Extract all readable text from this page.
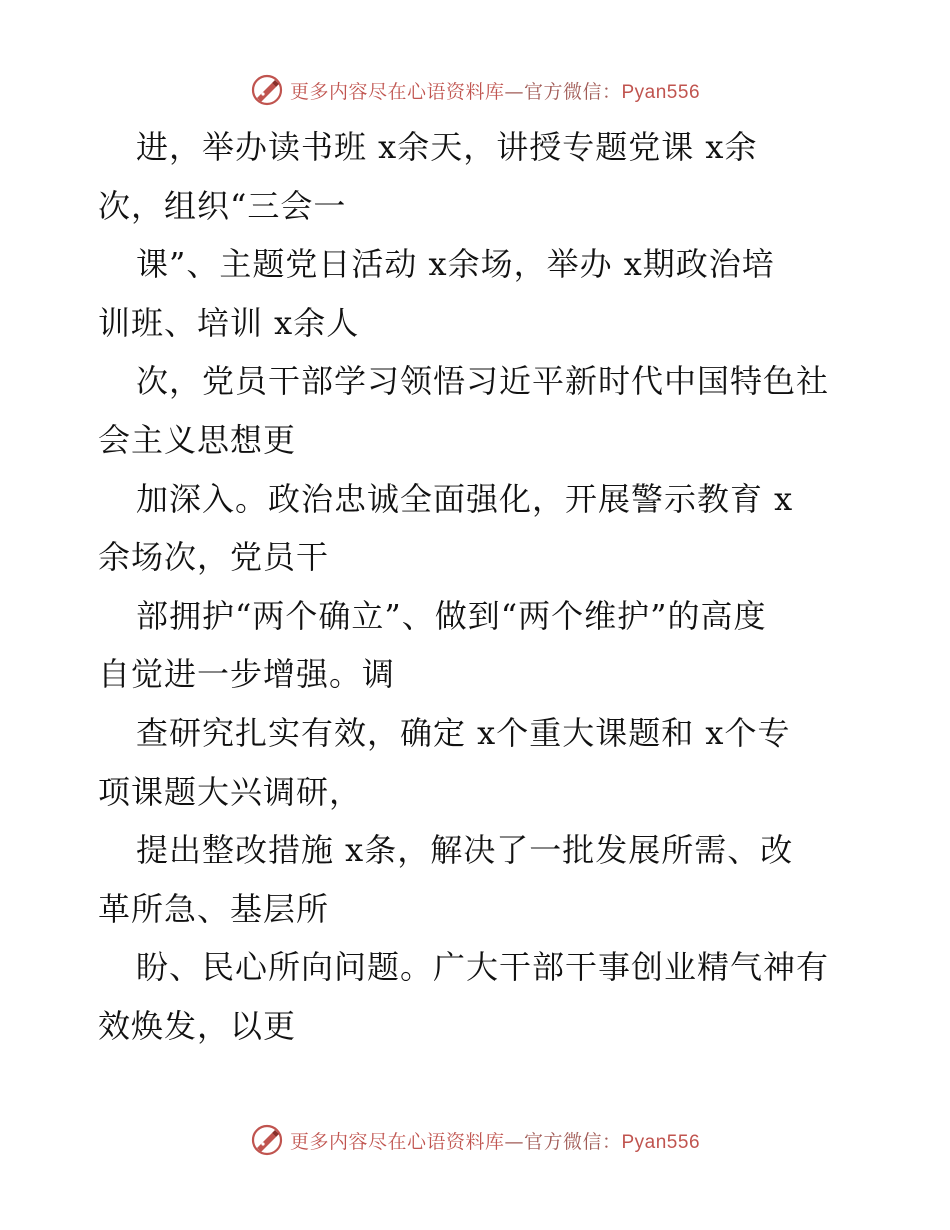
更多内容尽在心语资料库—官方微信：Pyan556
进，举办读书班 x余天，讲授专题党课 x余
次，组织“三会一
课”、主题党日活动 x余场，举办 x期政治培
训班、培训 x余人
次，党员干部学习领悟习近平新时代中国特色社
会主义思想更
加深入。政治忠诚全面强化，开展警示教育 x
余场次，党员干
部拥护“两个确立”、做到“两个维护”的高度
自觉进一步增强。调
查研究扎实有效，确定 x个重大课题和 x个专
项课题大兴调研，
提出整改措施 x条，解决了一批发展所需、改
革所急、基层所
盼、民心所向问题。广大干部干事创业精气神有
效焕发，以更
更多内容尽在心语资料库—官方微信：Pyan556
